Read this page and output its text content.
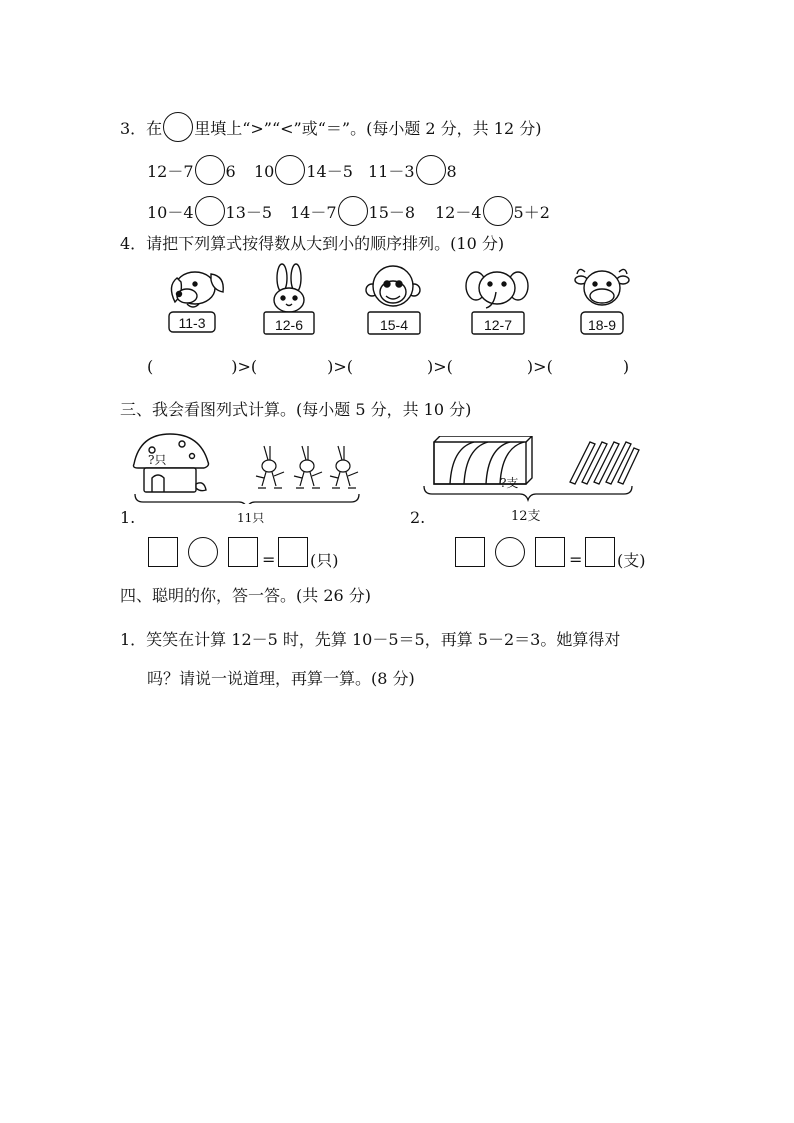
3．在 里填上“>”“<”或“＝”。(每小题 2 分，共 12 分)
12－7 6 10 14－5 11－3 8
10－4 13－5 14－7 15－8 12－4 5＋2
4．请把下列算式按得数从大到小的顺序排列。(10 分)
11-3	12-6	15-4	12-7	18-9
(	)>(	)>(	)>(	)>(	)
三、我会看图列式计算。(每小题 5 分，共 10 分)
?只
11只
1.
= (只)
?支
12支
2.
= (支)
四、聪明的你，答一答。(共 26 分)
1．笑笑在计算 12－5 时，先算 10－5＝5，再算 5－2＝3。她算得对
吗？请说一说道理，再算一算。(8 分)
